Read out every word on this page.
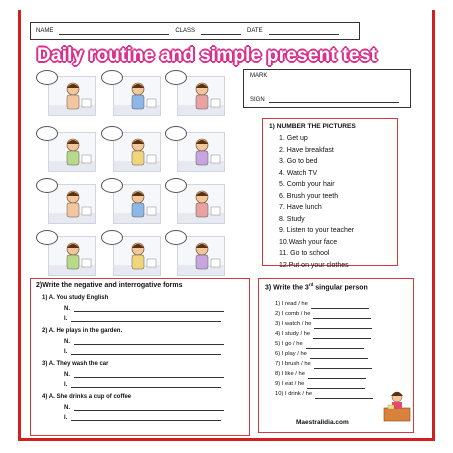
NAME	CLASS	DATE
Daily routine and simple present test
MARK
SIGN
1) NUMBER THE PICTURES
1. Get up
2. Have breakfast
3. Go to bed
4. Watch TV
5. Comb your hair
6. Brush your teeth
7. Have lunch
8. Study
9. Listen to your teacher
10.Wash your face
11. Go to school
12.Put on your clothes
2)Write the negative and interrogative forms
1) A. You study English
N.
I.
2) A. He plays in the garden.
N.
I.
3) A. They wash the car
N.
I.
4) A. She drinks a cup of coffee
N.
I.
3) Write the 3rd singular person
1) I read / he
2) I comb / he
3) I watch / he
4) I study / he
5) I go / he
6) I play / he
7) I brush / he
8) I like / he
9) I eat / he
10) I drink / he
Maestralidia.com
